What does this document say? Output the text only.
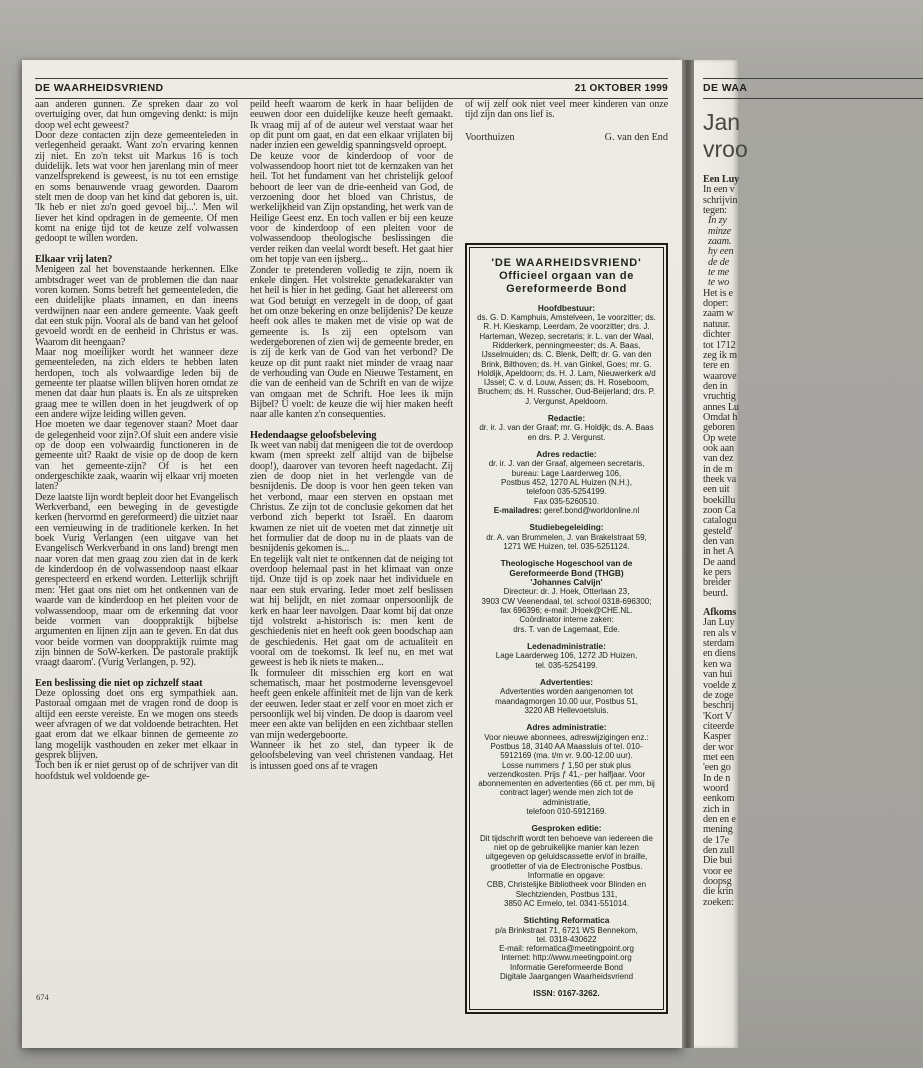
DE WAARHEIDSVRIEND	21 OKTOBER 1999

aan anderen gunnen. Ze spreken daar zo vol overtuiging over, dat hun omgeving denkt: is mijn doop wel echt geweest?
Door deze contacten zijn deze gemeenteleden in verlegenheid geraakt. Want zo'n ervaring kennen zij niet. En zo'n tekst uit Markus 16 is toch duidelijk. Iets wat voor hen jarenlang min of meer vanzelfsprekend is geweest, is nu tot een ernstige en soms benauwende vraag geworden. Daarom stelt men de doop van het kind dat geboren is, uit. 'Ik heb er niet zo'n goed gevoel bij...'. Men wil liever het kind opdragen in de gemeente. Of men komt na enige tijd tot de keuze zelf volwassen gedoopt te willen worden.

Elkaar vrij laten?

Menigeen zal het bovenstaande herkennen. Elke ambtsdrager weet van de problemen die dan naar voren komen. Soms betreft het gemeenteleden, die een duidelijke plaats innamen, en dan ineens verdwijnen naar een andere gemeente. Vaak geeft dat een stuk pijn. Vooral als de band van het geloof gevoeld wordt en de eenheid in Christus er was. Waarom dit heengaan?
Maar nog moeilijker wordt het wanneer deze gemeenteleden, na zich elders te hebben laten herdopen, toch als volwaardige leden bij de gemeente ter plaatse willen blijven horen omdat ze menen dat daar hun plaats is. En als ze uitspreken graag mee te willen doen in het jeugdwerk of op een andere wijze leiding willen geven.
Hoe moeten we daar tegenover staan? Moet daar de gelegenheid voor zijn?.Of sluit een andere visie op de doop een volwaardig functioneren in de gemeente uit? Raakt de visie op de doop de kern van het gemeente-zijn? Of is het een ondergeschikte zaak, waarin wij elkaar vrij moeten laten?
Deze laatste lijn wordt bepleit door het Evangelisch Werkverband, een beweging in de gevestigde kerken (hervormd en gereformeerd) die uitziet naar een vernieuwing in de traditionele kerken. In het boek Vurig Verlangen (een uitgave van het Evangelisch Werkverband in ons land) brengt men naar voren dat men graag zou zien dat in de kerk de kinderdoop én de volwassendoop naast elkaar gerespecteerd en erkend worden. Letterlijk schrijft men: 'Het gaat ons niet om het ontkennen van de waarde van de kinderdoop en het pleiten voor de volwassendoop, maar om de erkenning dat voor beide vormen van dooppraktijk bijbelse argumenten en lijnen zijn aan te geven. En dat dus voor beide vormen van dooppraktijk ruimte mag zijn binnen de SoW-kerken. De pastorale praktijk vraagt daarom'. (Vurig Verlangen, p. 92).

Een beslissing die niet op zichzelf staat

Deze oplossing doet ons erg sympathiek aan. Pastoraal omgaan met de vragen rond de doop is altijd een eerste vereiste. En we mogen ons steeds weer afvragen of we dat voldoende betrachten. Het gaat erom dat we elkaar binnen de gemeente zo lang mogelijk vasthouden en zeker met elkaar in gesprek blijven.
Toch ben ik er niet gerust op of de schrijver van dit hoofdstuk wel voldoende ge-

peild heeft waarom de kerk in haar belijden de eeuwen door een duidelijke keuze heeft gemaakt. Ik vraag mij af of de auteur wel verstaat waar het op dit punt om gaat, en dat een elkaar vrijlaten bij nader inzien een geweldig spanningsveld oproept.
De keuze voor de kinderdoop of voor de volwassendoop hoort niet tot de kernzaken van het heil. Tot het fundament van het christelijk geloof behoort de leer van de drie-eenheid van God, de verzoening door het bloed van Christus, de werkelijkheid van Zijn opstanding, het werk van de Heilige Geest enz. En toch vallen er bij een keuze voor de kinderdoop of een pleiten voor de volwassendoop theologische beslissingen die verder reiken dan veelal wordt beseft. Het gaat hier om het topje van een ijsberg...
Zonder te pretenderen volledig te zijn, noem ik enkele dingen. Het volstrekte genadekarakter van het heil is hier in het geding. Gaat het allereerst om wat God betuigt en verzegelt in de doop, of gaat het om onze bekering en onze belijdenis? De keuze heeft ook alles te maken met de visie op wat de gemeente is. Is zij een optelsom van wedergeborenen of zien wij de gemeente breder, en is zij de kerk van de God van het verbond? De keuze op dit punt raakt niet minder de vraag naar de verhouding van Oude en Nieuwe Testament, en die van de eenheid van de Schrift en van de wijze van omgaan met de Schrift. Hoe lees ik mijn Bijbel? U voelt: de keuze die wij hier maken heeft naar alle kanten z'n consequenties.

Hedendaagse geloofsbeleving

Ik weet van nabij dat menigeen die tot de overdoop kwam (men spreekt zelf altijd van de bijbelse doop!), daarover van tevoren heeft nagedacht. Zij zien de doop niet in het verlengde van de besnijdenis. De doop is voor hen geen teken van het verbond, maar een sterven en opstaan met Christus. Ze zijn tot de conclusie gekomen dat het verbond zich beperkt tot Israël. En daarom kwamen ze niet uit de voeten met dat zinnetje uit het formulier dat de doop nu in de plaats van de besnijdenis gekomen is...
En tegelijk valt niet te ontkennen dat de neiging tot overdoop helemaal past in het klimaat van onze tijd. Onze tijd is op zoek naar het individuele en naar een stuk ervaring. Ieder moet zelf beslissen wat hij belijdt, en niet zomaar onpersoonlijk de kerk en haar leer navolgen. Daar komt bij dat onze tijd volstrekt a-historisch is: men kent de geschiedenis niet en heeft ook geen boodschap aan de geschiedenis. Het gaat om de actualiteit en vooral om de toekomst. Ik leef nu, en met wat geweest is heb ik niets te maken...
Ik formuleer dit misschien erg kort en wat schematisch, maar het postmoderne levensgevoel heeft geen enkele affiniteit met de lijn van de kerk der eeuwen. Ieder staat er zelf voor en moet zich er persoonlijk wel bij vinden. De doop is daarom veel meer een akte van belijden en een zichtbaar stellen van mijn wedergeboorte.
Wanneer ik het zo stel, dan typeer ik de geloofsbeleving van veel christenen vandaag. Het is intussen goed ons af te vragen

of wij zelf ook niet veel meer kinderen van onze tijd zijn dan ons lief is.

Voorthuizen	G. van den End
'DE WAARHEIDSVRIEND'
Officieel orgaan van de
Gereformeerde Bond
Hoofdbestuur:
ds. G. D. Kamphuis, Amstelveen, 1e voorzitter; ds. R. H. Kieskamp, Leerdam, 2e voorzitter; drs. J. Harteman, Wezep, secretaris; ir. L. van der Waal, Ridderkerk, penningmeester; ds. A. Baas, IJsselmuiden; ds. C. Blenk, Delft; dr. G. van den Brink, Bilthoven; ds. H. van Ginkel, Goes; mr. G. Holdijk, Apeldoorn; ds. H. J. Lam, Nieuwerkerk a/d IJssel; C. v. d. Louw, Assen; ds. H. Roseboom, Bruchem; ds. H. Russcher, Oud-Beijerland; drs. P. J. Vergunst, Apeldoorn.
Redactie:
dr. ir. J. van der Graaf; mr. G. Holdijk; ds. A. Baas en drs. P. J. Vergunst.
Adres redactie:
dr. ir. J. van der Graaf, algemeen secretaris,
bureau: Lage Laarderweg 106,
Postbus 452, 1270 AL Huizen (N.H.),
telefoon 035-5254199.
Fax 035-5260510.
E-mailadres: geref.bond@worldonline.nl
Studiebegeleiding:
dr. A. van Brummelen, J. van Brakelstraat 59,
1271 WE Huizen, tel. 035-5251124.
Theologische Hogeschool van de
Gereformeerde Bond (THGB)
'Johannes Calvijn'
Directeur: dr. J. Hoek, Otterlaan 23,
3903 CW Veenendaal, tel. school 0318-696300;
fax 696396; e-mail: JHoek@CHE.NL.
Coördinator interne zaken:
drs. T. van de Lagemaat, Ede.
Ledenadministratie:
Lage Laarderweg 106, 1272 JD Huizen,
tel. 035-5254199.
Advertenties:
Advertenties worden aangenomen tot maandagmorgen 10.00 uur, Postbus 51,
3220 AB Hellevoetsluis.
Adres administratie:
Voor nieuwe abonnees, adreswijzigingen enz.:
Postbus 18, 3140 AA Maassluis of tel. 010-5912169 (ma. t/m vr. 9.00-12.00 uur).
Losse nummers ƒ 1,50 per stuk plus verzendkosten. Prijs ƒ 41,- per halfjaar. Voor abonnementen en advertenties (66 ct. per mm, bij contract lager) wende men zich tot de administratie,
telefoon 010-5912169.
Gesproken editie:
Dit tijdschrift wordt ten behoeve van iedereen die niet op de gebruikelijke manier kan lezen uitgegeven op geluidscassette en/of in braille, grootletter of via de Electronische Postbus.
Informatie en opgave:
CBB, Christelijke Bibliotheek voor Blinden en Slechtzienden, Postbus 131,
3850 AC Ermelo, tel. 0341-551014.
Stichting Reformatica
p/a Brinkstraat 71, 6721 WS Bennekom,
tel. 0318-430622
E-mail: reformatica@meetingpoint.org
Internet: http://www.meetingpoint.org
Informatie Gereformeerde Bond
Digitale Jaargangen Waarheidsvriend
ISSN: 0167-3262.
674
DE WAA
Jan
vroo
Een Luy
In een v
schrijvin
tegen:
In zy
minze
zaam.
hy een
de de
te me
te wo
Het is e
doper:
zaam w
natuur.
dichter
tot 1712
zeg ik m
tere en
waarove
den in
vruchtig
annes Lu
Omdat h
geboren
Op wete
ook aan
van dez
in de m
theek va
een uit
boekillu
zoon Ca
catalogu
gesteld'
den van
in het A
De aand
ke pers
breider
beurd.
Afkoms
Jan Luy
ren als v
sterdam
en diens
ken wa
van hui
voelde z
de zoge
beschrij
'Kort V
citeerde
Kasper
der wor
met een
'een go
In de n
woord
eenkom
zich in
den en e
mening
de 17e
den zull
Die bui
voor ee
doopsg
die krin
zoeken:
